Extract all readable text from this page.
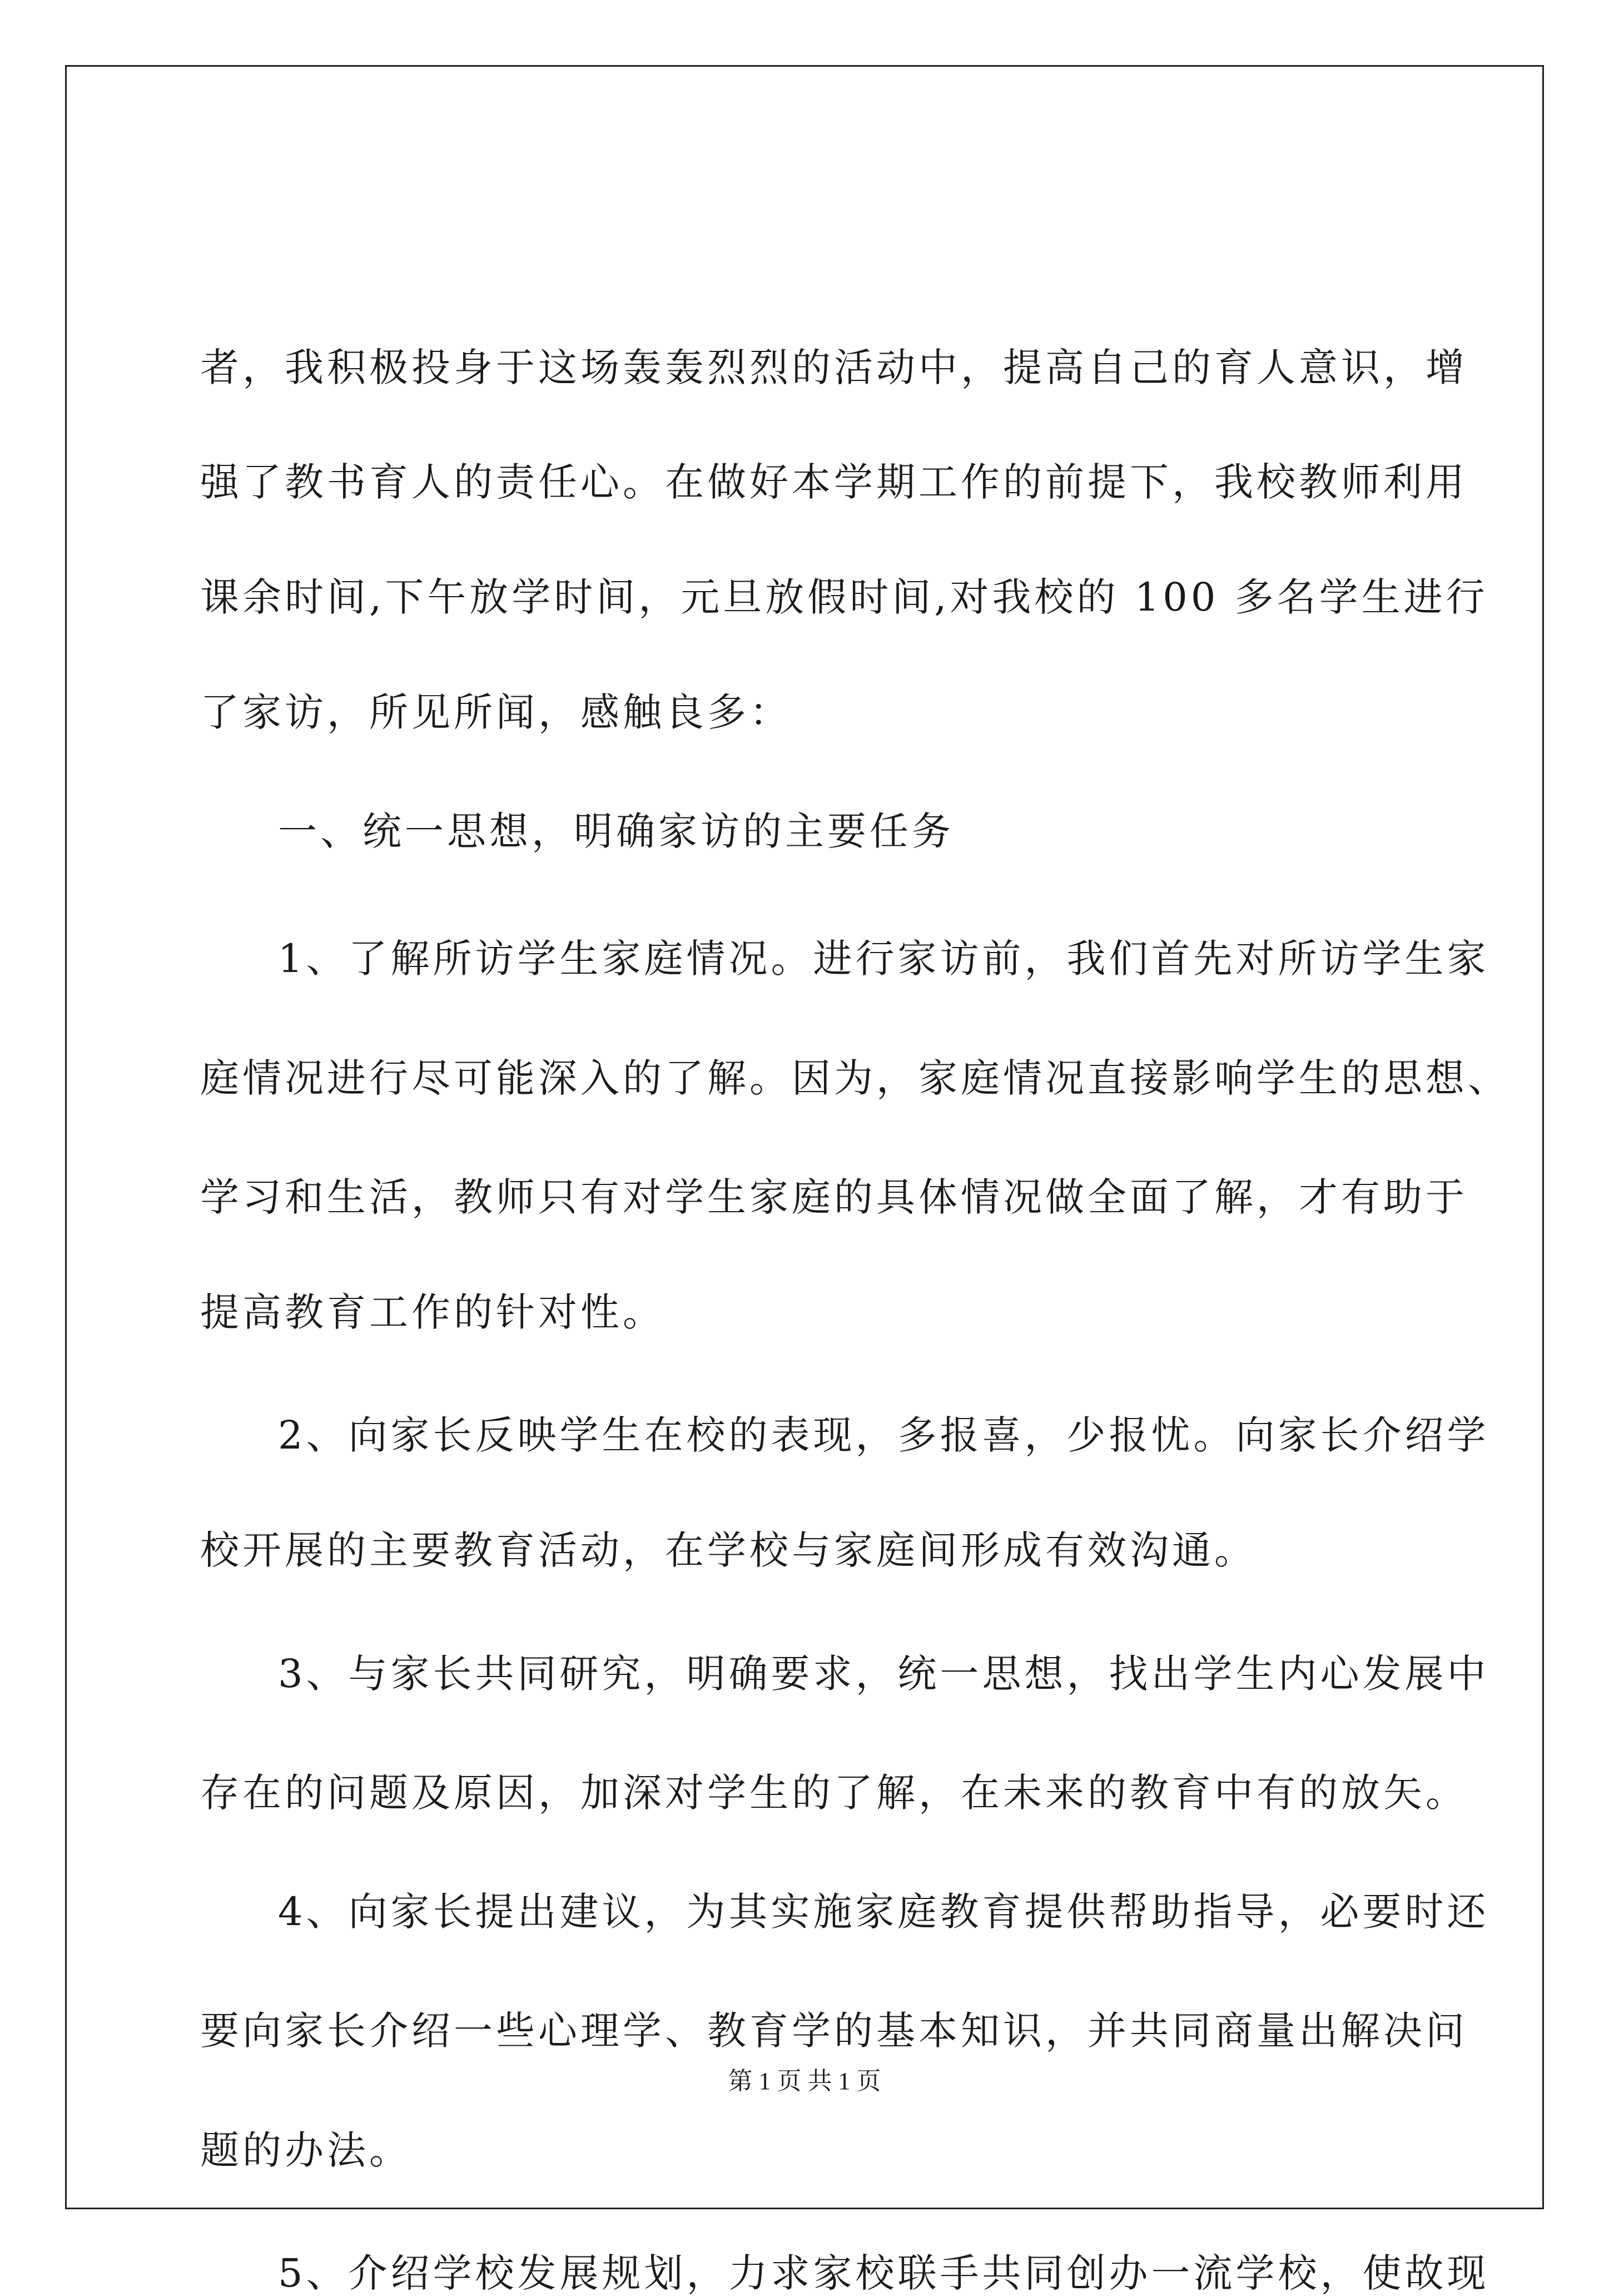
者，我积极投身于这场轰轰烈烈的活动中，提高自己的育人意识，增
强了教书育人的责任心。在做好本学期工作的前提下，我校教师利用
课余时间,下午放学时间，元旦放假时间,对我校的 100 多名学生进行
了家访，所见所闻，感触良多：
一、统一思想，明确家访的主要任务
1、了解所访学生家庭情况。进行家访前，我们首先对所访学生家
庭情况进行尽可能深入的了解。因为，家庭情况直接影响学生的思想、
学习和生活，教师只有对学生家庭的具体情况做全面了解，才有助于
提高教育工作的针对性。
2、向家长反映学生在校的表现，多报喜，少报忧。向家长介绍学
校开展的主要教育活动，在学校与家庭间形成有效沟通。
3、与家长共同研究，明确要求，统一思想，找出学生内心发展中
存在的问题及原因，加深对学生的了解，在未来的教育中有的放矢。
4、向家长提出建议，为其实施家庭教育提供帮助指导，必要时还
要向家长介绍一些心理学、教育学的基本知识，并共同商量出解决问
题的办法。
5、介绍学校发展规划，力求家校联手共同创办一流学校，使故现
第 1 页 共 1 页
